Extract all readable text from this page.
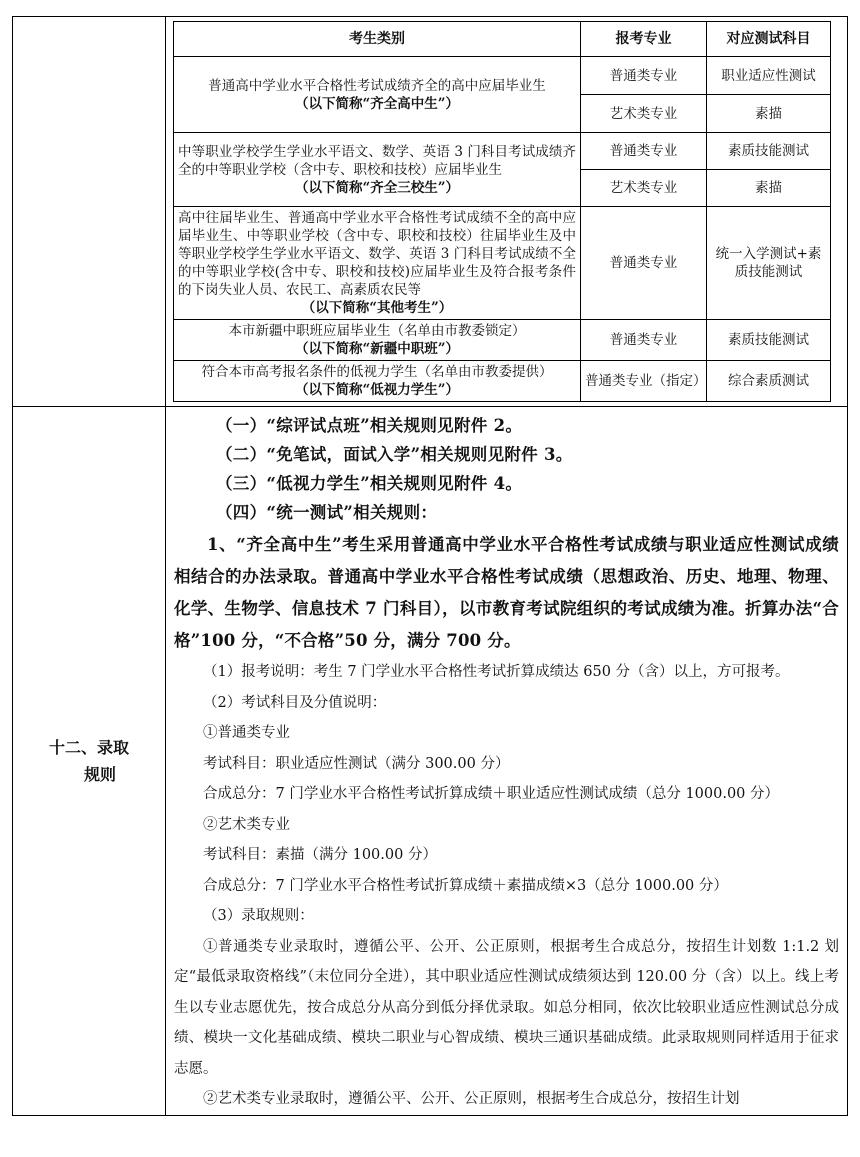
考生类别	报考专业	对应测试科目
普通高中学业水平合格性考试成绩齐全的高中应届毕业生
（以下简称“齐全高中生”）
	普通类专业	职业适应性测试
艺术类专业	素描

中等职业学校学生学业水平语文、数学、英语 3 门科目考试成绩齐全的中等职业学校（含中专、职校和技校）应届毕业生
（以下简称“齐全三校生”）
	普通类专业	素质技能测试
艺术类专业	素描

高中往届毕业生、普通高中学业水平合格性考试成绩不全的高中应届毕业生、中等职业学校（含中专、职校和技校）往届毕业生及中等职业学校学生学业水平语文、数学、英语 3 门科目考试成绩不全的中等职业学校(含中专、职校和技校)应届毕业生及符合报考条件的下岗失业人员、农民工、高素质农民等
（以下简称“其他考生”）
	普通类专业	统一入学测试+素质技能测试
本市新疆中职班应届毕业生（名单由市教委锁定）
（以下简称“新疆中职班”）
	普通类专业	素质技能测试
符合本市高考报名条件的低视力学生（名单由市教委提供）
（以下简称“低视力学生”）
	普通类专业（指定）	综合素质测试

十二、录取
规则

（一）“综评试点班”相关规则见附件 2。
（二）“免笔试，面试入学”相关规则见附件 3。
（三）“低视力学生”相关规则见附件 4。
（四）“统一测试”相关规则：

1、“齐全高中生”考生采用普通高中学业水平合格性考试成绩与职业适应性测试成绩相结合的办法录取。普通高中学业水平合格性考试成绩（思想政治、历史、地理、物理、化学、生物学、信息技术 7 门科目），以市教育考试院组织的考试成绩为准。折算办法“合格”100 分，“不合格”50 分，满分 700 分。

（1）报考说明：考生 7 门学业水平合格性考试折算成绩达 650 分（含）以上，方可报考。

（2）考试科目及分值说明：

①普通类专业

考试科目：职业适应性测试（满分 300.00 分）

合成总分：7 门学业水平合格性考试折算成绩＋职业适应性测试成绩（总分 1000.00 分）

②艺术类专业

考试科目：素描（满分 100.00 分）

合成总分：7 门学业水平合格性考试折算成绩＋素描成绩×3（总分 1000.00 分）

（3）录取规则：

①普通类专业录取时，遵循公平、公开、公正原则，根据考生合成总分，按招生计划数 1:1.2 划定“最低录取资格线”（末位同分全进），其中职业适应性测试成绩须达到 120.00 分（含）以上。线上考生以专业志愿优先，按合成总分从高分到低分择优录取。如总分相同，依次比较职业适应性测试总分成绩、模块一文化基础成绩、模块二职业与心智成绩、模块三通识基础成绩。此录取规则同样适用于征求志愿。

②艺术类专业录取时，遵循公平、公开、公正原则，根据考生合成总分，按招生计划
